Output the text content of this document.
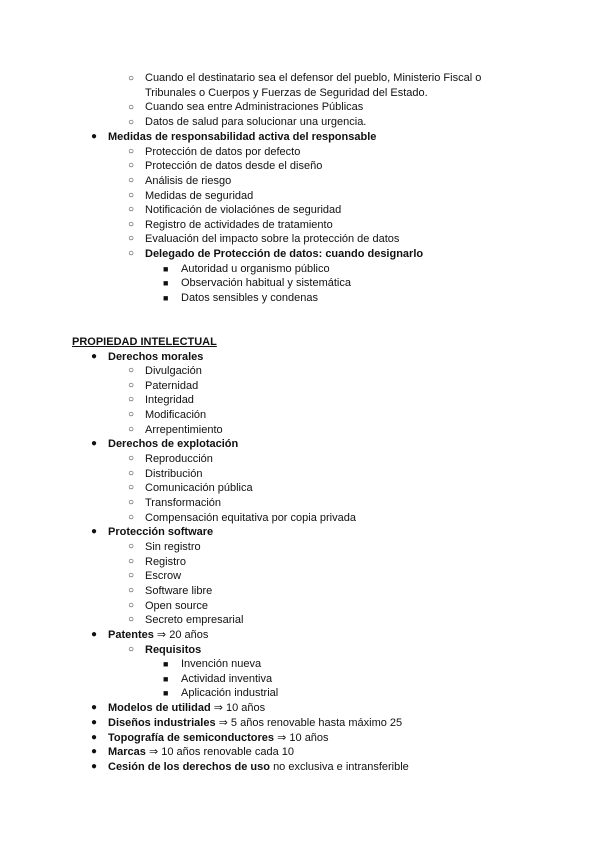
○ Cuando el destinatario sea el defensor del pueblo, Ministerio Fiscal o
Tribunales o Cuerpos y Fuerzas de Seguridad del Estado.
○ Cuando sea entre Administraciones Públicas
○ Datos de salud para solucionar una urgencia.
● Medidas de responsabilidad activa del responsable
○ Protección de datos por defecto
○ Protección de datos desde el diseño
○ Análisis de riesgo
○ Medidas de seguridad
○ Notificación de violaciónes de seguridad
○ Registro de actividades de tratamiento
○ Evaluación del impacto sobre la protección de datos
○ Delegado de Protección de datos: cuando designarlo
■ Autoridad u organismo público
■ Observación habitual y sistemática
■ Datos sensibles y condenas
PROPIEDAD INTELECTUAL
● Derechos morales
○ Divulgación
○ Paternidad
○ Integridad
○ Modificación
○ Arrepentimiento
● Derechos de explotación
○ Reproducción
○ Distribución
○ Comunicación pública
○ Transformación
○ Compensación equitativa por copia privada
● Protección software
○ Sin registro
○ Registro
○ Escrow
○ Software libre
○ Open source
○ Secreto empresarial
● Patentes ⇒ 20 años
○ Requisitos
■ Invención nueva
■ Actividad inventiva
■ Aplicación industrial
● Modelos de utilidad ⇒ 10 años
● Diseños industriales ⇒ 5 años renovable hasta máximo 25
● Topografía de semiconductores ⇒ 10 años
● Marcas ⇒ 10 años renovable cada 10
● Cesión de los derechos de uso no exclusiva e intransferible
